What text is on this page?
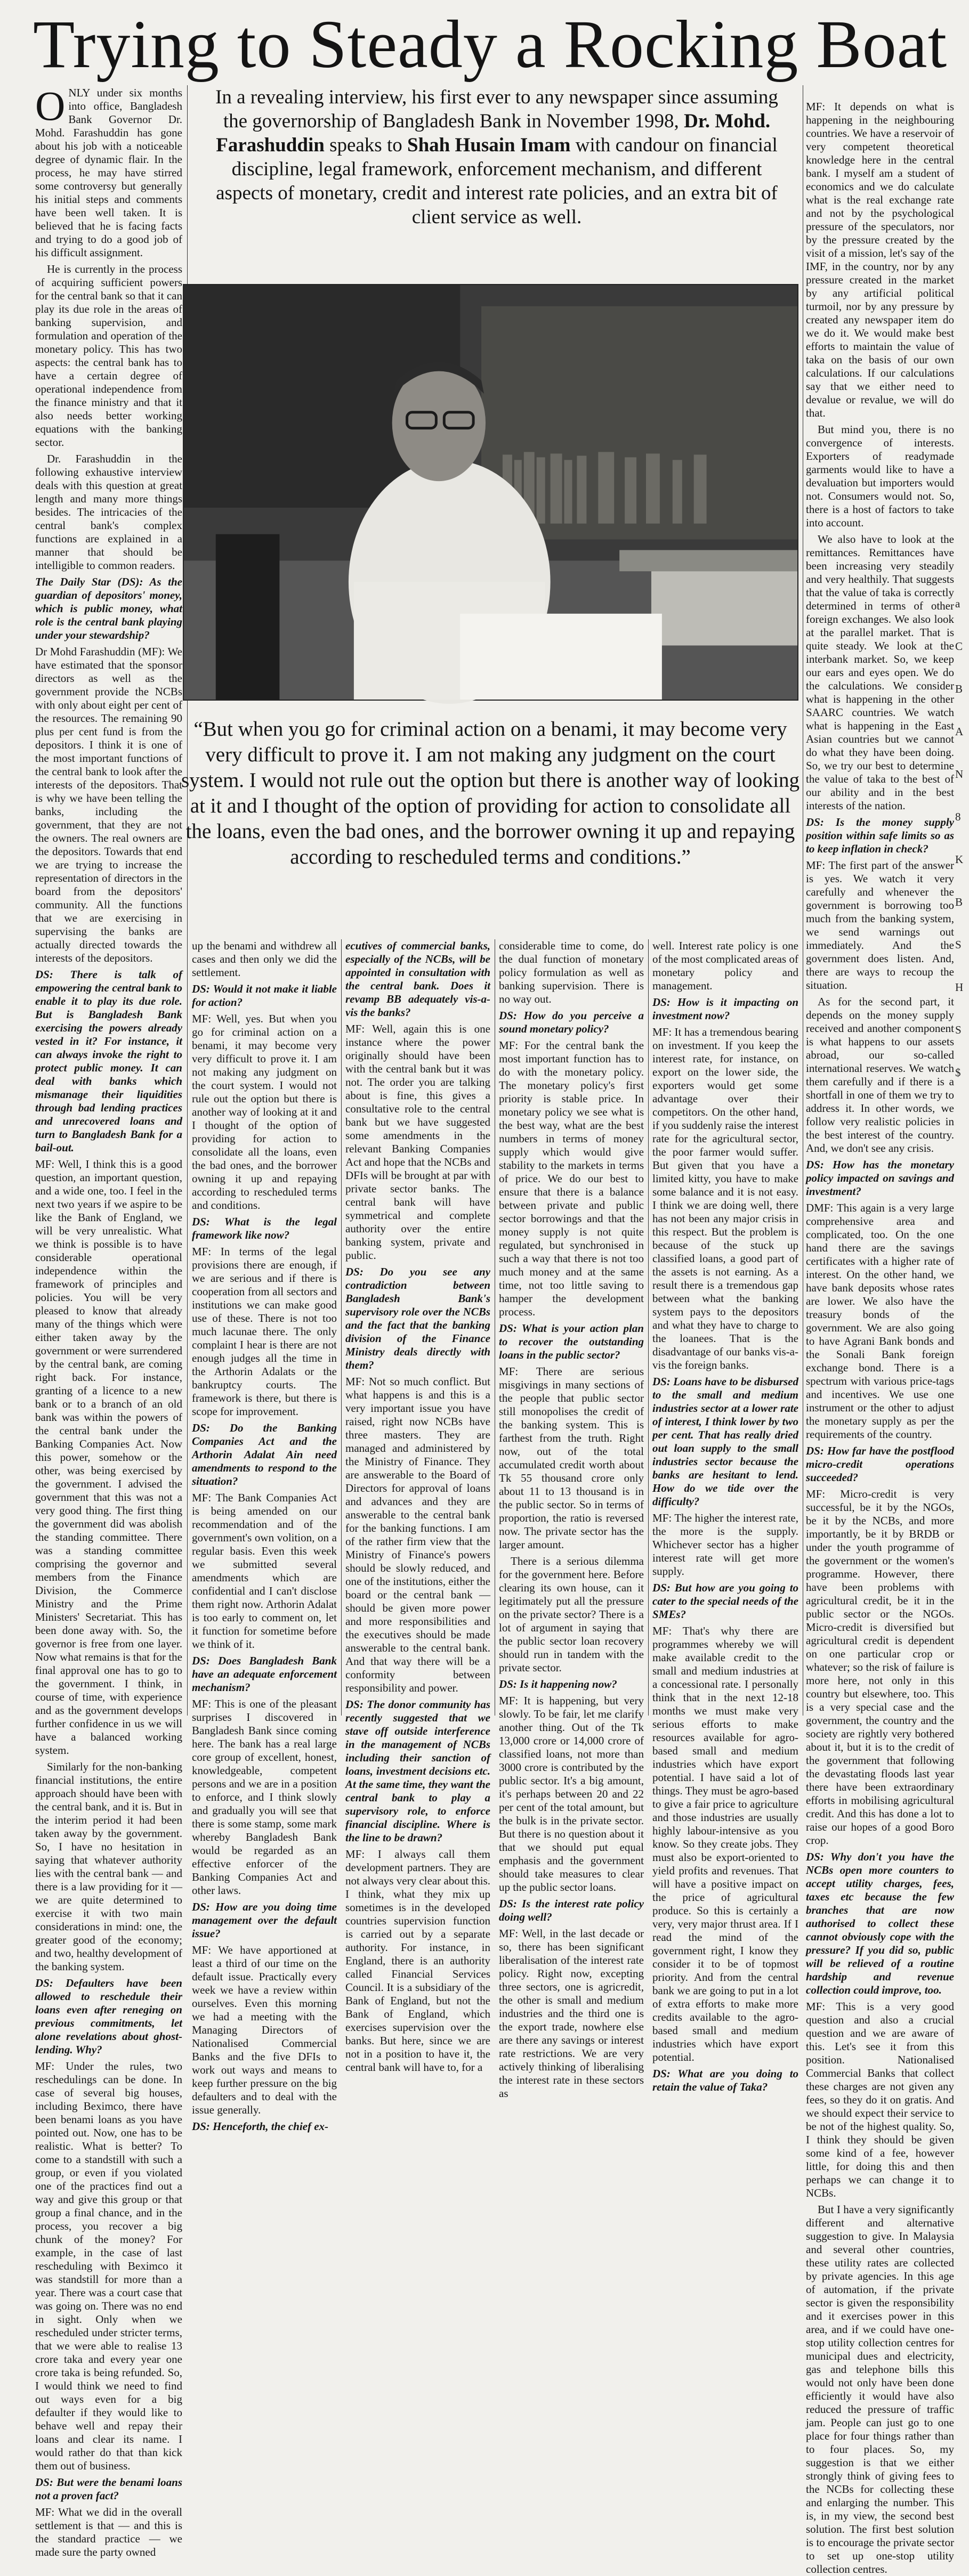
Trying to Steady a Rocking Boat

ONLY under six months into office, Bangladesh Bank Governor Dr. Mohd. Farashuddin has gone about his job with a noticeable degree of dynamic flair. In the process, he may have stirred some controversy but generally his initial steps and comments have been well taken. It is believed that he is facing facts and trying to do a good job of his difficult assignment.

He is currently in the process of acquiring sufficient powers for the central bank so that it can play its due role in the areas of banking supervision, and formulation and operation of the monetary policy. This has two aspects: the central bank has to have a certain degree of operational independence from the finance ministry and that it also needs better working equations with the banking sector.

Dr. Farashuddin in the following exhaustive interview deals with this question at great length and many more things besides. The intricacies of the central bank's complex functions are explained in a manner that should be intelligible to common readers.

The Daily Star (DS): As the guardian of depositors' money, which is public money, what role is the central bank playing under your stewardship?

Dr Mohd Farashuddin (MF): We have estimated that the sponsor directors as well as the government provide the NCBs with only about eight per cent of the resources. The remaining 90 plus per cent fund is from the depositors. I think it is one of the most important functions of the central bank to look after the interests of the depositors. That is why we have been telling the banks, including the government, that they are not the owners. The real owners are the depositors. Towards that end we are trying to increase the representation of directors in the board from the depositors' community. All the functions that we are exercising in supervising the banks are actually directed towards the interests of the depositors.

DS: There is talk of empowering the central bank to enable it to play its due role. But is Bangladesh Bank exercising the powers already vested in it? For instance, it can always invoke the right to protect public money. It can deal with banks which mismanage their liquidities through bad lending practices and unrecovered loans and turn to Bangladesh Bank for a bail-out.

MF: Well, I think this is a good question, an important question, and a wide one, too. I feel in the next two years if we aspire to be like the Bank of England, we will be very unrealistic. What we think is possible is to have considerable operational independence within the framework of principles and policies. You will be very pleased to know that already many of the things which were either taken away by the government or were surrendered by the central bank, are coming right back. For instance, granting of a licence to a new bank or to a branch of an old bank was within the powers of the central bank under the Banking Companies Act. Now this power, somehow or the other, was being exercised by the government. I advised the government that this was not a very good thing. The first thing the government did was abolish the standing committee. There was a standing committee comprising the governor and members from the Finance Division, the Commerce Ministry and the Prime Ministers' Secretariat. This has been done away with. So, the governor is free from one layer. Now what remains is that for the final approval one has to go to the government. I think, in course of time, with experience and as the government develops further confidence in us we will have a balanced working system.

Similarly for the non-banking financial institutions, the entire approach should have been with the central bank, and it is. But in the interim period it had been taken away by the government. So, I have no hesitation in saying that whatever authority lies with the central bank — and there is a law providing for it — we are quite determined to exercise it with two main considerations in mind: one, the greater good of the economy; and two, healthy development of the banking system.

DS: Defaulters have been allowed to reschedule their loans even after reneging on previous commitments, let alone revelations about ghost-lending. Why?

MF: Under the rules, two reschedulings can be done. In case of several big houses, including Beximco, there have been benami loans as you have pointed out. Now, one has to be realistic. What is better? To come to a standstill with such a group, or even if you violated one of the practices find out a way and give this group or that group a final chance, and in the process, you recover a big chunk of the money? For example, in the case of last rescheduling with Beximco it was standstill for more than a year. There was a court case that was going on. There was no end in sight. Only when we rescheduled under stricter terms, that we were able to realise 13 crore taka and every year one crore taka is being refunded. So, I would think we need to find out ways even for a big defaulter if they would like to behave well and repay their loans and clear its name. I would rather do that than kick them out of business.

DS: But were the benami loans not a proven fact?

MF: What we did in the overall settlement is that — and this is the standard practice — we made sure the party owned

In a revealing interview, his first ever to any newspaper since assuming the governorship of Bangladesh Bank in November 1998, Dr. Mohd. Farashuddin speaks to Shah Husain Imam with candour on financial discipline, legal framework, enforcement mechanism, and different aspects of monetary, credit and interest rate policies, and an extra bit of client service as well.
“But when you go for criminal action on a benami, it may become very very difficult to prove it. I am not making any judgment on the court system. I would not rule out the option but there is another way of looking at it and I thought of the option of providing for action to consolidate all the loans, even the bad ones, and the borrower owning it up and repaying according to rescheduled terms and conditions.”

MF: It depends on what is happening in the neighbouring countries. We have a reservoir of very competent theoretical knowledge here in the central bank. I myself am a student of economics and we do calculate what is the real exchange rate and not by the psychological pressure of the speculators, nor by the pressure created by the visit of a mission, let's say of the IMF, in the country, nor by any pressure created in the market by any artificial political turmoil, nor by any pressure by created any newspaper item do we do it. We would make best efforts to maintain the value of taka on the basis of our own calculations. If our calculations say that we either need to devalue or revalue, we will do that.

But mind you, there is no convergence of interests. Exporters of readymade garments would like to have a devaluation but importers would not. Consumers would not. So, there is a host of factors to take into account.

We also have to look at the remittances. Remittances have been increasing very steadily and very healthily. That suggests that the value of taka is correctly determined in terms of other foreign exchanges. We also look at the parallel market. That is quite steady. We look at the interbank market. So, we keep our ears and eyes open. We do the calculations. We consider what is happening in the other SAARC countries. We watch what is happening in the East Asian countries but we cannot do what they have been doing. So, we try our best to determine the value of taka to the best of our ability and in the best interests of the nation.

DS: Is the money supply position within safe limits so as to keep inflation in check?

MF: The first part of the answer is yes. We watch it very carefully and whenever the government is borrowing too much from the banking system, we send warnings out immediately. And the government does listen. And, there are ways to recoup the situation.

As for the second part, it depends on the money supply received and another component is what happens to our assets abroad, our so-called international reserves. We watch them carefully and if there is a shortfall in one of them we try to address it. In other words, we follow very realistic policies in the best interest of the country. And, we don't see any crisis.

DS: How has the monetary policy impacted on savings and investment?

DMF: This again is a very large comprehensive area and complicated, too. On the one hand there are the savings certificates with a higher rate of interest. On the other hand, we have bank deposits whose rates are lower. We also have the treasury bonds of the government. We are also going to have Agrani Bank bonds and the Sonali Bank foreign exchange bond. There is a spectrum with various price-tags and incentives. We use one instrument or the other to adjust the monetary supply as per the requirements of the country.

DS: How far have the postflood micro-credit operations succeeded?

MF: Micro-credit is very successful, be it by the NGOs, be it by the NCBs, and more importantly, be it by BRDB or under the youth programme of the government or the women's programme. However, there have been problems with agricultural credit, be it in the public sector or the NGOs. Micro-credit is diversified but agricultural credit is dependent on one particular crop or whatever; so the risk of failure is more here, not only in this country but elsewhere, too. This is a very special case and the government, the country and the society are rightly very bothered about it, but it is to the credit of the government that following the devastating floods last year there have been extraordinary efforts in mobilising agricultural credit. And this has done a lot to raise our hopes of a good Boro crop.

DS: Why don't you have the NCBs open more counters to accept utility charges, fees, taxes etc because the few branches that are now authorised to collect these cannot obviously cope with the pressure? If you did so, public will be relieved of a routine hardship and revenue collection could improve, too.

MF: This is a very good question and also a crucial question and we are aware of this. Let's see it from this position. Nationalised Commercial Banks that collect these charges are not given any fees, so they do it on gratis. And we should expect their service to be not of the highest quality. So, I think they should be given some kind of a fee, however little, for doing this and then perhaps we can change it to NCBs.

But I have a very significantly different and alternative suggestion to give. In Malaysia and several other countries, these utility rates are collected by private agencies. In this age of automation, if the private sector is given the responsibility and it exercises power in this area, and if we could have one-stop utility collection centres for municipal dues and electricity, gas and telephone bills this would not only have been done efficiently it would have also reduced the pressure of traffic jam. People can just go to one place for four things rather than to four places. So, my suggestion is that we either strongly think of giving fees to the NCBs for collecting these and enlarging the number. This is, in my view, the second best solution. The first best solution is to encourage the private sector to set up one-stop utility collection centres.

up the benami and withdrew all cases and then only we did the settlement.

DS: Would it not make it liable for action?

MF: Well, yes. But when you go for criminal action on a benami, it may become very very difficult to prove it. I am not making any judgment on the court system. I would not rule out the option but there is another way of looking at it and I thought of the option of providing for action to consolidate all the loans, even the bad ones, and the borrower owning it up and repaying according to rescheduled terms and conditions.

DS: What is the legal framework like now?

MF: In terms of the legal provisions there are enough, if we are serious and if there is cooperation from all sectors and institutions we can make good use of these. There is not too much lacunae there. The only complaint I hear is there are not enough judges all the time in the Arthorin Adalats or the bankruptcy courts. The framework is there, but there is scope for improvement.

DS: Do the Banking Companies Act and the Arthorin Adalat Ain need amendments to respond to the situation?

MF: The Bank Companies Act is being amended on our recommendation and of the government's own volition, on a regular basis. Even this week we submitted several amendments which are confidential and I can't disclose them right now. Arthorin Adalat is too early to comment on, let it function for sometime before we think of it.

DS: Does Bangladesh Bank have an adequate enforcement mechanism?

MF: This is one of the pleasant surprises I discovered in Bangladesh Bank since coming here. The bank has a real large core group of excellent, honest, knowledgeable, competent persons and we are in a position to enforce, and I think slowly and gradually you will see that there is some stamp, some mark whereby Bangladesh Bank would be regarded as an effective enforcer of the Banking Companies Act and other laws.

DS: How are you doing time management over the default issue?

MF: We have apportioned at least a third of our time on the default issue. Practically every week we have a review within ourselves. Even this morning we had a meeting with the Managing Directors of Nationalised Commercial Banks and the five DFIs to work out ways and means to keep further pressure on the big defaulters and to deal with the issue generally.

DS: Henceforth, the chief ex-

ecutives of commercial banks, especially of the NCBs, will be appointed in consultation with the central bank. Does it revamp BB adequately vis-a-vis the banks?

MF: Well, again this is one instance where the power originally should have been with the central bank but it was not. The order you are talking about is fine, this gives a consultative role to the central bank but we have suggested some amendments in the relevant Banking Companies Act and hope that the NCBs and DFIs will be brought at par with private sector banks. The central bank will have symmetrical and complete authority over the entire banking system, private and public.

DS: Do you see any contradiction between Bangladesh Bank's supervisory role over the NCBs and the fact that the banking division of the Finance Ministry deals directly with them?

MF: Not so much conflict. But what happens is and this is a very important issue you have raised, right now NCBs have three masters. They are managed and administered by the Ministry of Finance. They are answerable to the Board of Directors for approval of loans and advances and they are answerable to the central bank for the banking functions. I am of the rather firm view that the Ministry of Finance's powers should be slowly reduced, and one of the institutions, either the board or the central bank — should be given more power and more responsibilities and the executives should be made answerable to the central bank. And that way there will be a conformity between responsibility and power.

DS: The donor community has recently suggested that we stave off outside interference in the management of NCBs including their sanction of loans, investment decisions etc. At the same time, they want the central bank to play a supervisory role, to enforce financial discipline. Where is the line to be drawn?

MF: I always call them development partners. They are not always very clear about this. I think, what they mix up sometimes is in the developed countries supervision function is carried out by a separate authority. For instance, in England, there is an authority called Financial Services Council. It is a subsidiary of the Bank of England, but not the Bank of England, which exercises supervision over the banks. But here, since we are not in a position to have it, the central bank will have to, for a

considerable time to come, do the dual function of monetary policy formulation as well as banking supervision. There is no way out.

DS: How do you perceive a sound monetary policy?

MF: For the central bank the most important function has to do with the monetary policy. The monetary policy's first priority is stable price. In monetary policy we see what is the best way, what are the best numbers in terms of money supply which would give stability to the markets in terms of price. We do our best to ensure that there is a balance between private and public sector borrowings and that the money supply is not quite regulated, but synchronised in such a way that there is not too much money and at the same time, not too little saving to hamper the development process.

DS: What is your action plan to recover the outstanding loans in the public sector?

MF: There are serious misgivings in many sections of the people that public sector still monopolises the credit of the banking system. This is farthest from the truth. Right now, out of the total accumulated credit worth about Tk 55 thousand crore only about 11 to 13 thousand is in the public sector. So in terms of proportion, the ratio is reversed now. The private sector has the larger amount.

There is a serious dilemma for the government here. Before clearing its own house, can it legitimately put all the pressure on the private sector? There is a lot of argument in saying that the public sector loan recovery should run in tandem with the private sector.

DS: Is it happening now?

MF: It is happening, but very slowly. To be fair, let me clarify another thing. Out of the Tk 13,000 crore or 14,000 crore of classified loans, not more than 3000 crore is contributed by the public sector. It's a big amount, it's perhaps between 20 and 22 per cent of the total amount, but the bulk is in the private sector. But there is no question about it that we should put equal emphasis and the government should take measures to clear up the public sector loans.

DS: Is the interest rate policy doing well?

MF: Well, in the last decade or so, there has been significant liberalisation of the interest rate policy. Right now, excepting three sectors, one is agricredit, the other is small and medium industries and the third one is the export trade, nowhere else are there any savings or interest rate restrictions. We are very actively thinking of liberalising the interest rate in these sectors as

well. Interest rate policy is one of the most complicated areas of monetary policy and management.

DS: How is it impacting on investment now?

MF: It has a tremendous bearing on investment. If you keep the interest rate, for instance, on export on the lower side, the exporters would get some advantage over their competitors. On the other hand, if you suddenly raise the interest rate for the agricultural sector, the poor farmer would suffer. But given that you have a limited kitty, you have to make some balance and it is not easy. I think we are doing well, there has not been any major crisis in this respect. But the problem is because of the stuck up classified loans, a good part of the assets is not earning. As a result there is a tremendous gap between what the banking system pays to the depositors and what they have to charge to the loanees. That is the disadvantage of our banks vis-a-vis the foreign banks.

DS: Loans have to be disbursed to the small and medium industries sector at a lower rate of interest, I think lower by two per cent. That has really dried out loan supply to the small industries sector because the banks are hesitant to lend. How do we tide over the difficulty?

MF: The higher the interest rate, the more is the supply. Whichever sector has a higher interest rate will get more supply.

DS: But how are you going to cater to the special needs of the SMEs?

MF: That's why there are programmes whereby we will make available credit to the small and medium industries at a concessional rate. I personally think that in the next 12-18 months we must make very serious efforts to make resources available for agro-based small and medium industries which have export potential. I have said a lot of things. They must be agro-based to give a fair price to agriculture and those industries are usually highly labour-intensive as you know. So they create jobs. They must also be export-oriented to yield profits and revenues. That will have a positive impact on the price of agricultural produce. So this is certainly a very, very major thrust area. If I read the mind of the government right, I know they consider it to be of topmost priority. And from the central bank we are going to put in a lot of extra efforts to make more credits available to the agro-based small and medium industries which have export potential.

DS: What are you doing to retain the value of Taka?

a
C
B
A
N
8
K
B
S
H
S
$
